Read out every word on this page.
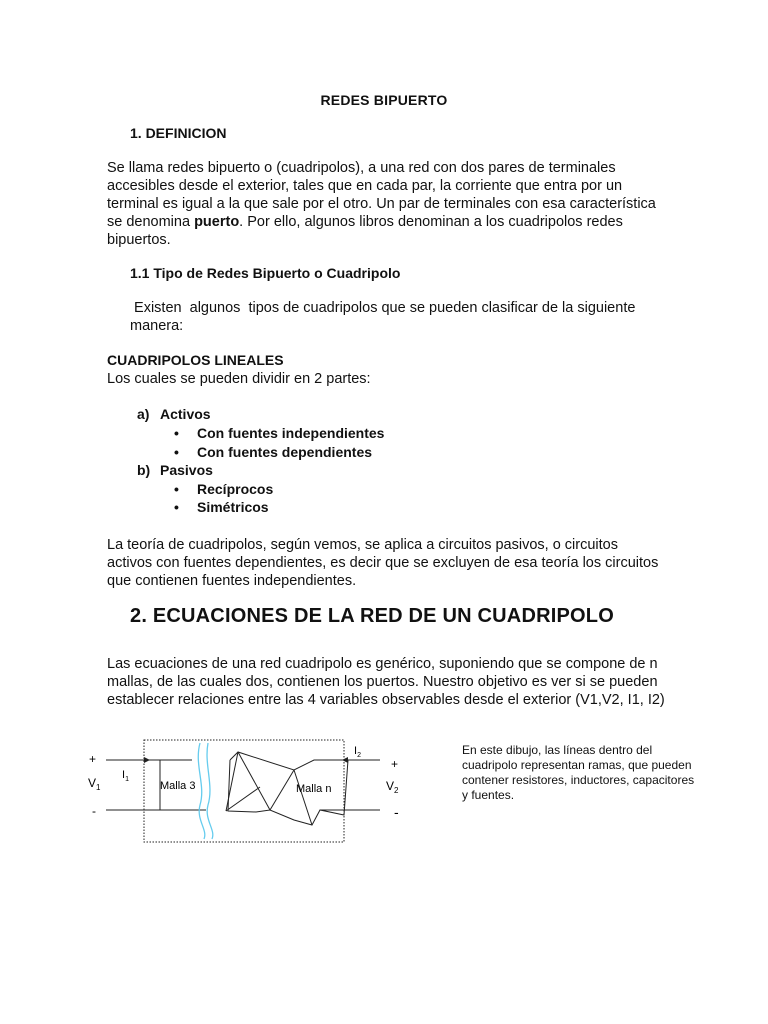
REDES BIPUERTO
1. DEFINICION
Se llama redes bipuerto o (cuadripolos), a una red con dos pares de terminales accesibles desde el exterior, tales que en cada par, la corriente que entra por un terminal es igual a la que sale por el otro. Un par de terminales con esa característica se denomina puerto. Por ello, algunos libros denominan a los cuadripolos redes bipuertos.
1.1 Tipo de Redes Bipuerto o Cuadripolo
Existen  algunos  tipos de cuadripolos que se pueden clasificar de la siguiente manera:
CUADRIPOLOS LINEALES
Los cuales se pueden dividir en 2 partes:
a) Activos
• Con fuentes independientes
• Con fuentes dependientes
b) Pasivos
• Recíprocos
• Simétricos
La teoría de cuadripolos, según vemos, se aplica a circuitos pasivos, o circuitos activos con fuentes dependientes, es decir que se excluyen de esa teoría los circuitos que contienen fuentes independientes.
2. ECUACIONES DE LA RED DE UN CUADRIPOLO
Las ecuaciones de una red cuadripolo es genérico, suponiendo que se compone de n mallas, de las cuales dos, contienen los puertos. Nuestro objetivo es ver si se pueden establecer relaciones entre las 4 variables observables desde el exterior (V1,V2, I1, I2)
+
$V_1$
-
$I_1$
Malla 3	Malla n
$I_2$
+
$V_2$
-
En este dibujo, las líneas dentro del cuadripolo representan ramas, que pueden contener resistores, inductores, capacitores y fuentes.
